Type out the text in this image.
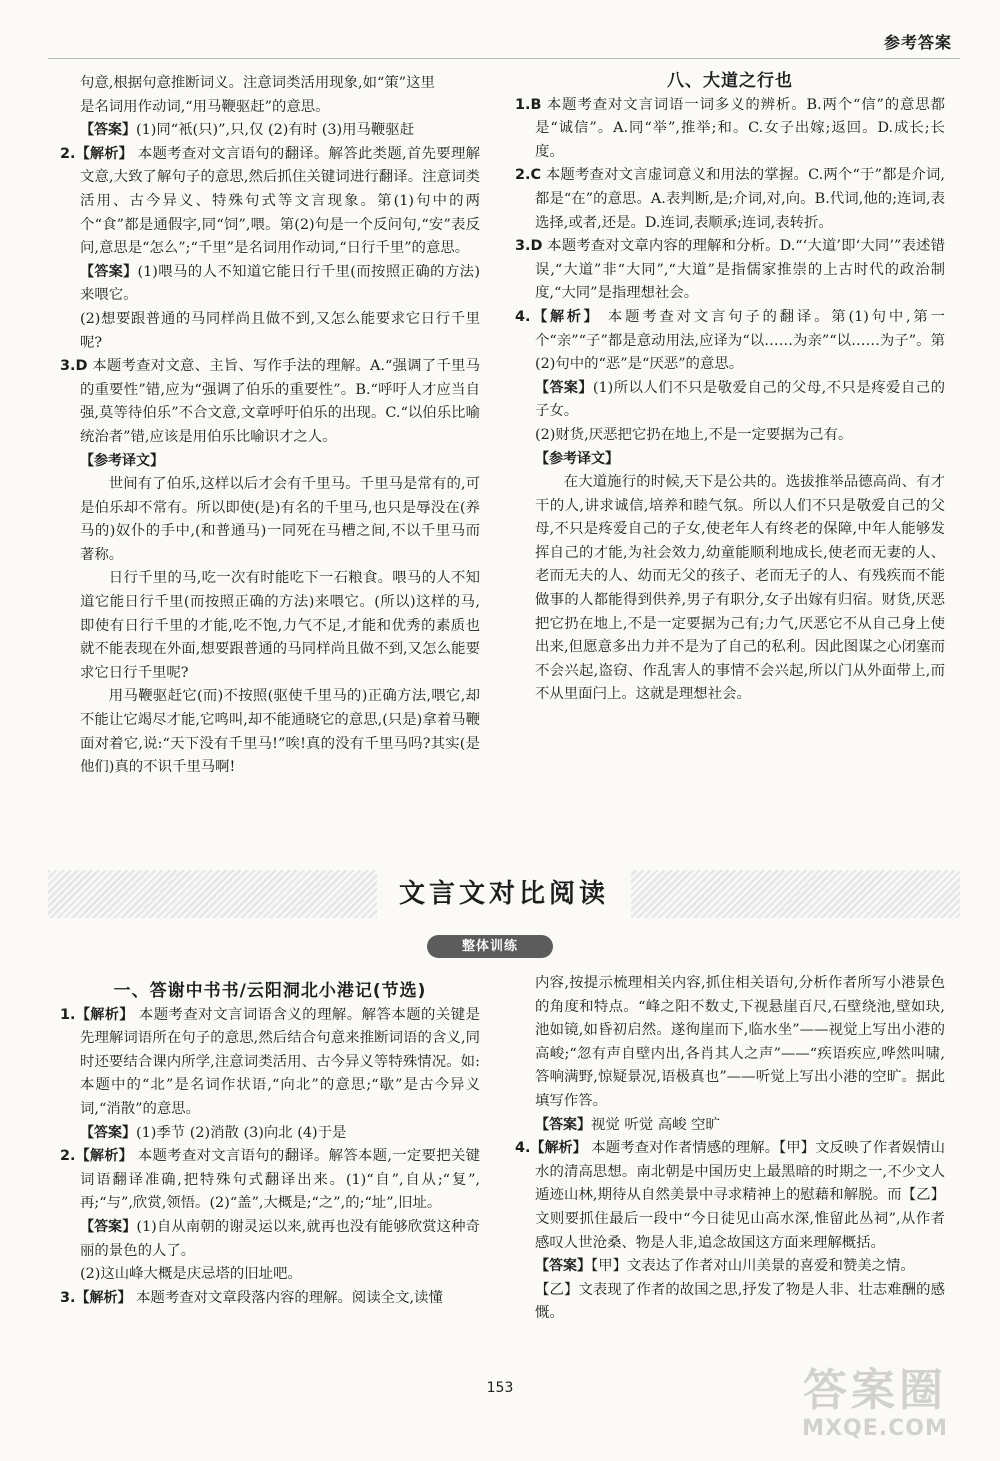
参考答案

句意,根据句意推断词义。注意词类活用现象,如“策”这里

是名词用作动词,“用马鞭驱赶”的意思。

【答案】(1)同“衹(只)”,只,仅 (2)有时 (3)用马鞭驱赶

2.【解析】 本题考查对文言语句的翻译。解答此类题,首先要理解文意,大致了解句子的意思,然后抓住关键词进行翻译。注意词类活用、古今异义、特殊句式等文言现象。第(1)句中的两个“食”都是通假字,同“饲”,喂。第(2)句是一个反问句,“安”表反问,意思是“怎么”;“千里”是名词用作动词,“日行千里”的意思。

【答案】(1)喂马的人不知道它能日行千里(而按照正确的方法)来喂它。

(2)想要跟普通的马同样尚且做不到,又怎么能要求它日行千里呢?

3.D 本题考查对文意、主旨、写作手法的理解。A.“强调了千里马的重要性”错,应为“强调了伯乐的重要性”。B.“呼吁人才应当自强,莫等待伯乐”不合文意,文章呼吁伯乐的出现。C.“以伯乐比喻统治者”错,应该是用伯乐比喻识才之人。

【参考译文】

世间有了伯乐,这样以后才会有千里马。千里马是常有的,可是伯乐却不常有。所以即使(是)有名的千里马,也只是辱没在(养马的)奴仆的手中,(和普通马)一同死在马槽之间,不以千里马而著称。

日行千里的马,吃一次有时能吃下一石粮食。喂马的人不知道它能日行千里(而按照正确的方法)来喂它。(所以)这样的马,即使有日行千里的才能,吃不饱,力气不足,才能和优秀的素质也就不能表现在外面,想要跟普通的马同样尚且做不到,又怎么能要求它日行千里呢?

用马鞭驱赶它(而)不按照(驱使千里马的)正确方法,喂它,却不能让它竭尽才能,它鸣叫,却不能通晓它的意思,(只是)拿着马鞭面对着它,说:“天下没有千里马!”唉!真的没有千里马吗?其实(是他们)真的不识千里马啊!

八、大道之行也

1.B 本题考查对文言词语一词多义的辨析。B.两个“信”的意思都是“诚信”。A.同“举”,推举;和。C.女子出嫁;返回。D.成长;长度。

2.C 本题考查对文言虚词意义和用法的掌握。C.两个“于”都是介词,都是“在”的意思。A.表判断,是;介词,对,向。B.代词,他的;连词,表选择,或者,还是。D.连词,表顺承;连词,表转折。

3.D 本题考查对文章内容的理解和分析。D.“‘大道’即‘大同’”表述错误,“大道”非“大同”,“大道”是指儒家推崇的上古时代的政治制度,“大同”是指理想社会。

4.【解析】 本题考查对文言句子的翻译。第(1)句中,第一个“亲”“子”都是意动用法,应译为“以……为亲”“以……为子”。第(2)句中的“恶”是“厌恶”的意思。

【答案】(1)所以人们不只是敬爱自己的父母,不只是疼爱自己的子女。

(2)财货,厌恶把它扔在地上,不是一定要据为己有。

【参考译文】

在大道施行的时候,天下是公共的。选拔推举品德高尚、有才干的人,讲求诚信,培养和睦气氛。所以人们不只是敬爱自己的父母,不只是疼爱自己的子女,使老年人有终老的保障,中年人能够发挥自己的才能,为社会效力,幼童能顺利地成长,使老而无妻的人、老而无夫的人、幼而无父的孩子、老而无子的人、有残疾而不能做事的人都能得到供养,男子有职分,女子出嫁有归宿。财货,厌恶把它扔在地上,不是一定要据为己有;力气,厌恶它不从自己身上使出来,但愿意多出力并不是为了自己的私利。因此图谋之心闭塞而不会兴起,盗窃、作乱害人的事情不会兴起,所以门从外面带上,而不从里面闩上。这就是理想社会。

文言文对比阅读
整体训练

一、答谢中书书/云阳洞北小港记(节选)

1.【解析】 本题考查对文言词语含义的理解。解答本题的关键是先理解词语所在句子的意思,然后结合句意来推断词语的含义,同时还要结合课内所学,注意词类活用、古今异义等特殊情况。如:本题中的“北”是名词作状语,“向北”的意思;“歇”是古今异义词,“消散”的意思。

【答案】(1)季节 (2)消散 (3)向北 (4)于是

2.【解析】 本题考查对文言语句的翻译。解答本题,一定要把关键词语翻译准确,把特殊句式翻译出来。(1)“自”,自从;“复”,再;“与”,欣赏,领悟。(2)“盖”,大概是;“之”,的;“址”,旧址。

【答案】(1)自从南朝的谢灵运以来,就再也没有能够欣赏这种奇丽的景色的人了。

(2)这山峰大概是庆忌塔的旧址吧。

3.【解析】 本题考查对文章段落内容的理解。阅读全文,读懂

内容,按提示梳理相关内容,抓住相关语句,分析作者所写小港景色的角度和特点。“峰之阳不数丈,下视悬崖百尺,石壁绕池,壁如玦,池如镜,如昏初启然。遂徇崖而下,临水坐”——视觉上写出小港的高峻;“忽有声自壁内出,各肖其人之声”——“疾语疾应,哗然叫啸,答响满野,惊疑景况,语极真也”——听觉上写出小港的空旷。据此填写作答。

【答案】视觉 听觉 高峻 空旷

4.【解析】 本题考查对作者情感的理解。【甲】文反映了作者娱情山水的清高思想。南北朝是中国历史上最黑暗的时期之一,不少文人遁迹山林,期待从自然美景中寻求精神上的慰藉和解脱。而【乙】文则要抓住最后一段中“今日徒见山高水深,惟留此丛祠”,从作者感叹人世沧桑、物是人非,追念故国这方面来理解概括。

【答案】【甲】文表达了作者对山川美景的喜爱和赞美之情。

【乙】文表现了作者的故国之思,抒发了物是人非、壮志难酬的感慨。

153	答案圈
MXQE.COM
